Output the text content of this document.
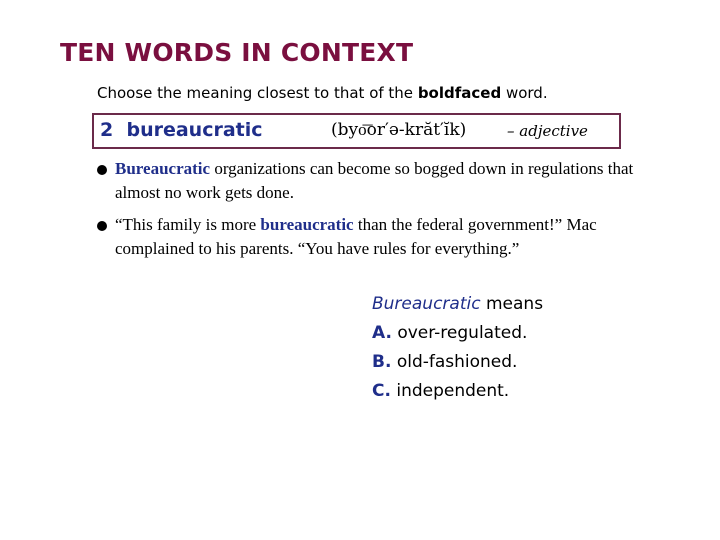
TEN WORDS IN CONTEXT
Choose the meaning closest to that of the boldfaced word.
2 bureaucratic	(byo͞or′ə-krăt′ĭk)	– adjective
Bureaucratic organizations can become so bogged down in regulations that almost no work gets done.
“This family is more bureaucratic than the federal government!” Mac complained to his parents. “You have rules for everything.”
Bureaucratic means
A. over-regulated.
B. old-fashioned.
C. independent.
